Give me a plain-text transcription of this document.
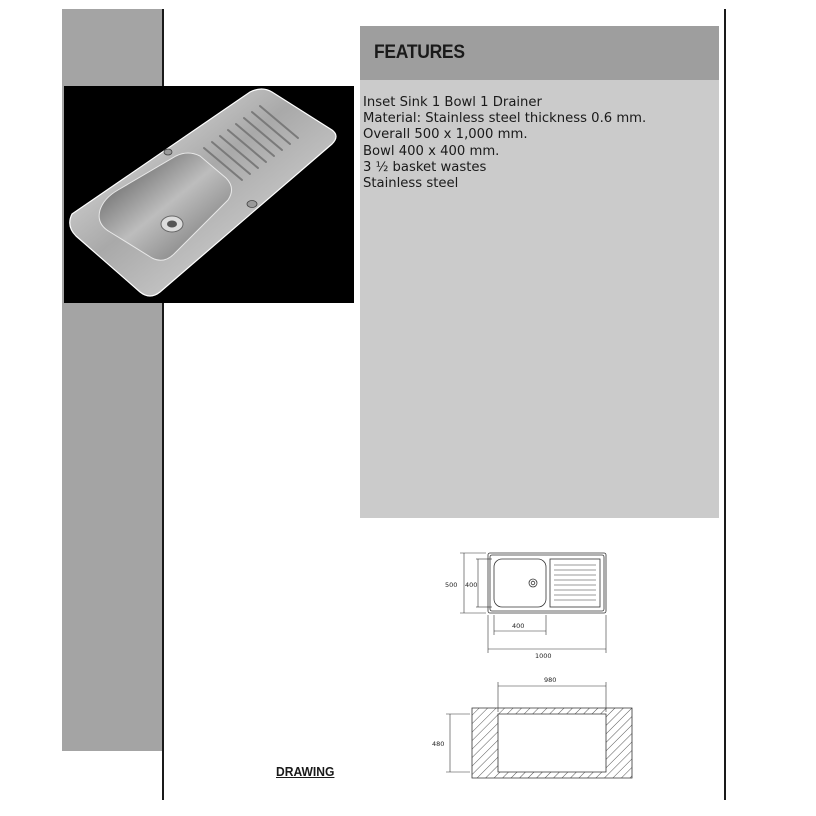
FEATURES
Inset Sink 1 Bowl 1 Drainer
Material: Stainless steel thickness 0.6 mm.
Overall 500 x 1,000 mm.
Bowl 400 x 400 mm.
3 ½ basket wastes
Stainless steel
500 400
400
1000
980
480
DRAWING
